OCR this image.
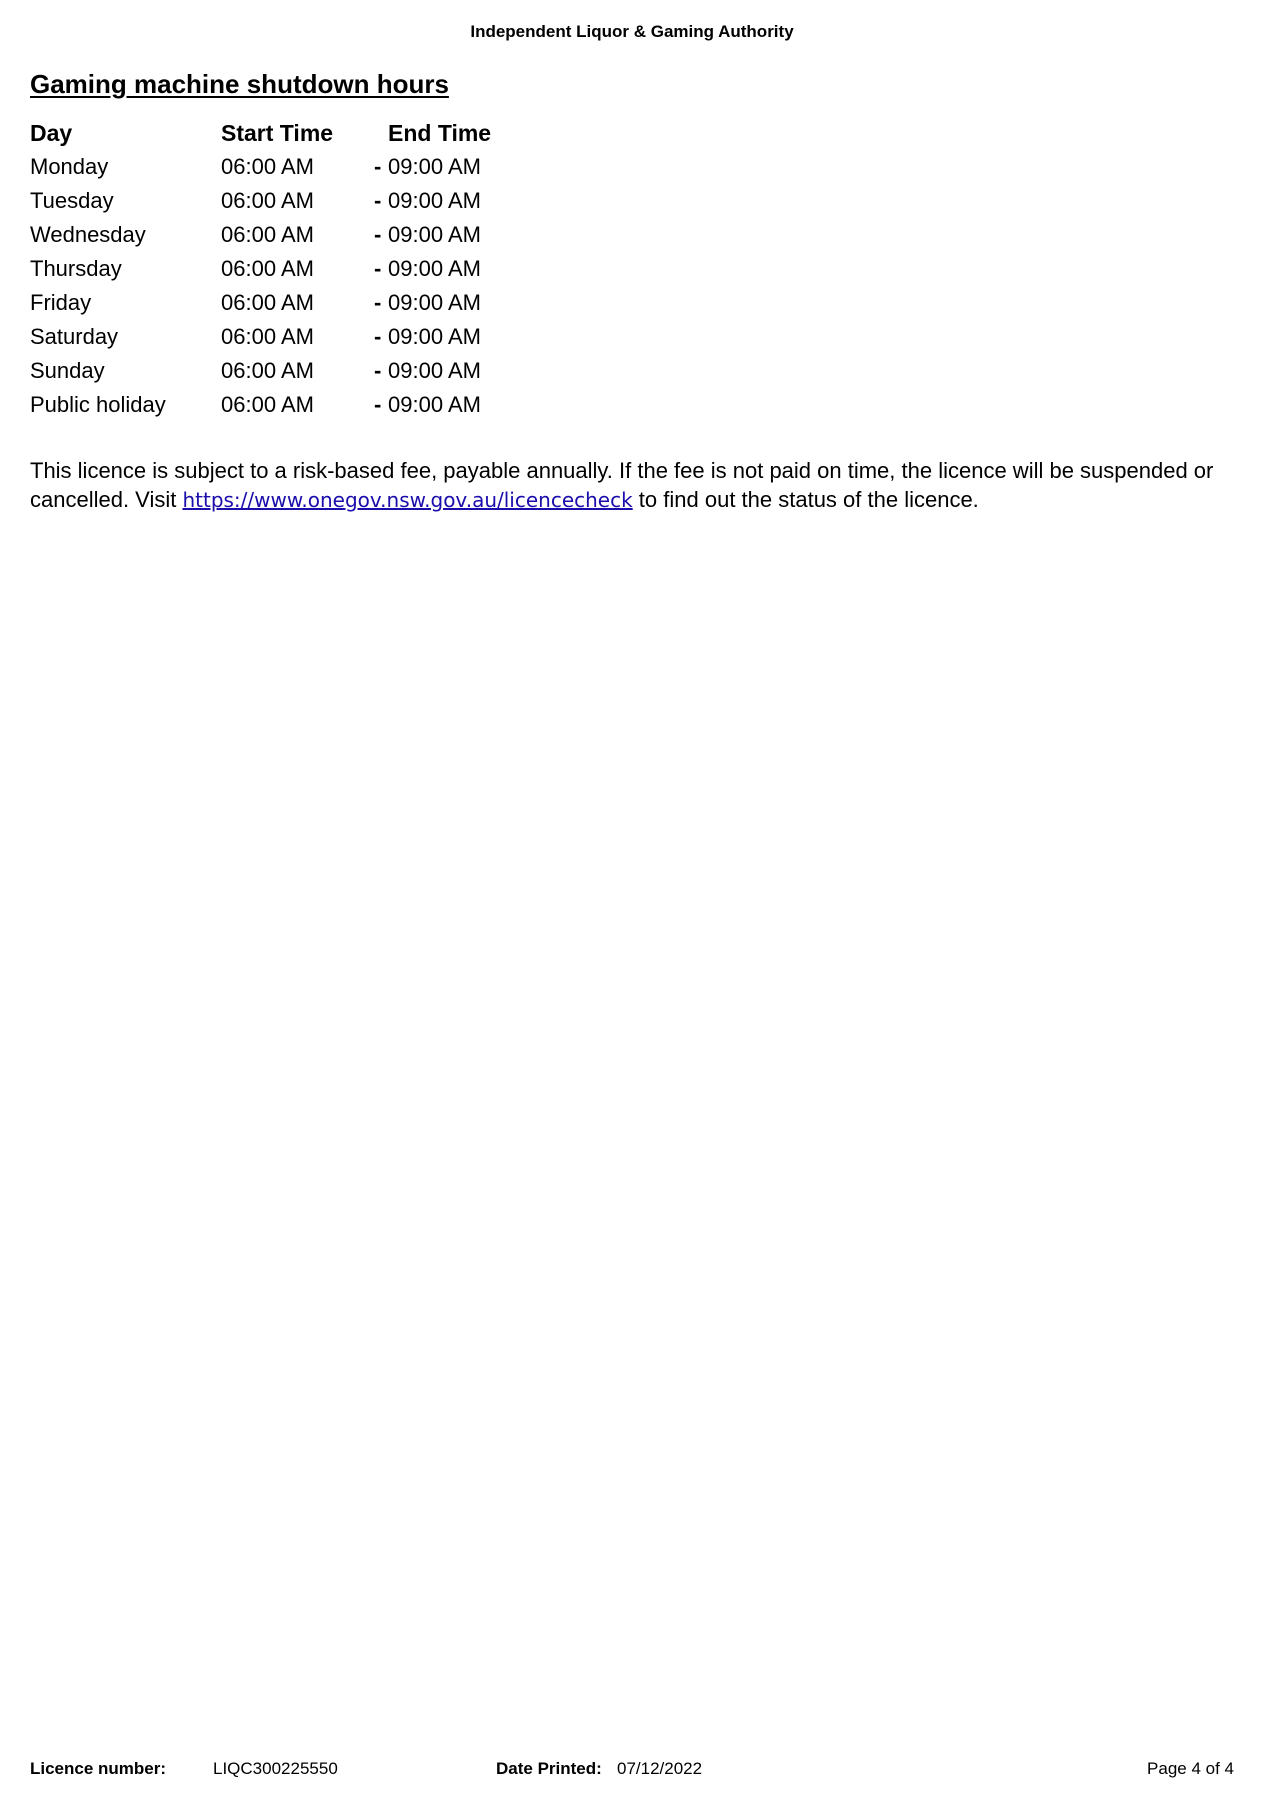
Independent Liquor & Gaming Authority
Gaming machine shutdown hours
Day	Start Time	End Time
Monday	06:00 AM	- 09:00 AM
Tuesday	06:00 AM	- 09:00 AM
Wednesday	06:00 AM	- 09:00 AM
Thursday	06:00 AM	- 09:00 AM
Friday	06:00 AM	- 09:00 AM
Saturday	06:00 AM	- 09:00 AM
Sunday	06:00 AM	- 09:00 AM
Public holiday	06:00 AM	- 09:00 AM

This licence is subject to a risk-based fee, payable annually. If the fee is not paid on time, the licence will be suspended or cancelled. Visit https://www.onegov.nsw.gov.au/licencecheck to find out the status of the licence.

Licence number:	LIQC300225550	Date Printed: 07/12/2022	Page 4 of 4
